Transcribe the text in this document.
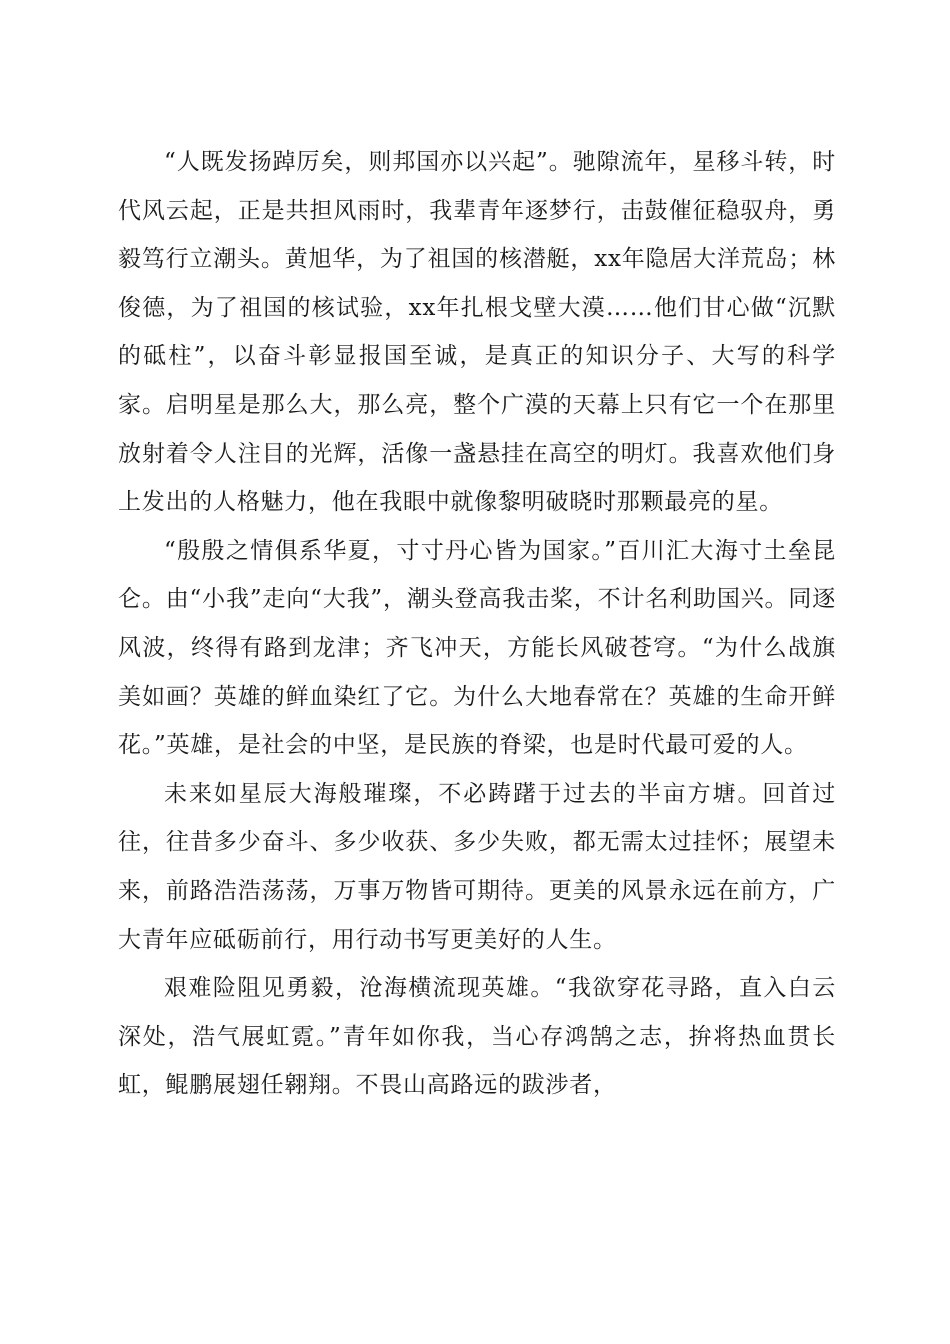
“人既发扬踔厉矣，则邦国亦以兴起”。驰隙流年，星移斗转，时代风云起，正是共担风雨时，我辈青年逐梦行，击鼓催征稳驭舟，勇毅笃行立潮头。黄旭华，为了祖国的核潜艇，xx年隐居大洋荒岛；林俊德，为了祖国的核试验，xx年扎根戈壁大漠……他们甘心做“沉默的砥柱”，以奋斗彰显报国至诚，是真正的知识分子、大写的科学家。启明星是那么大，那么亮，整个广漠的天幕上只有它一个在那里放射着令人注目的光辉，活像一盏悬挂在高空的明灯。我喜欢他们身上发出的人格魅力，他在我眼中就像黎明破晓时那颗最亮的星。

“殷殷之情俱系华夏，寸寸丹心皆为国家。”百川汇大海寸土垒昆仑。由“小我”走向“大我”，潮头登高我击桨，不计名利助国兴。同逐风波，终得有路到龙津；齐飞冲天，方能长风破苍穹。“为什么战旗美如画？英雄的鲜血染红了它。为什么大地春常在？英雄的生命开鲜花。”英雄，是社会的中坚，是民族的脊梁，也是时代最可爱的人。

未来如星辰大海般璀璨，不必踌躇于过去的半亩方塘。回首过往，往昔多少奋斗、多少收获、多少失败，都无需太过挂怀；展望未来，前路浩浩荡荡，万事万物皆可期待。更美的风景永远在前方，广大青年应砥砺前行，用行动书写更美好的人生。

艰难险阻见勇毅，沧海横流现英雄。“我欲穿花寻路，直入白云深处，浩气展虹霓。”青年如你我，当心存鸿鹄之志，拚将热血贯长虹，鲲鹏展翅任翱翔。不畏山高路远的跋涉者，
